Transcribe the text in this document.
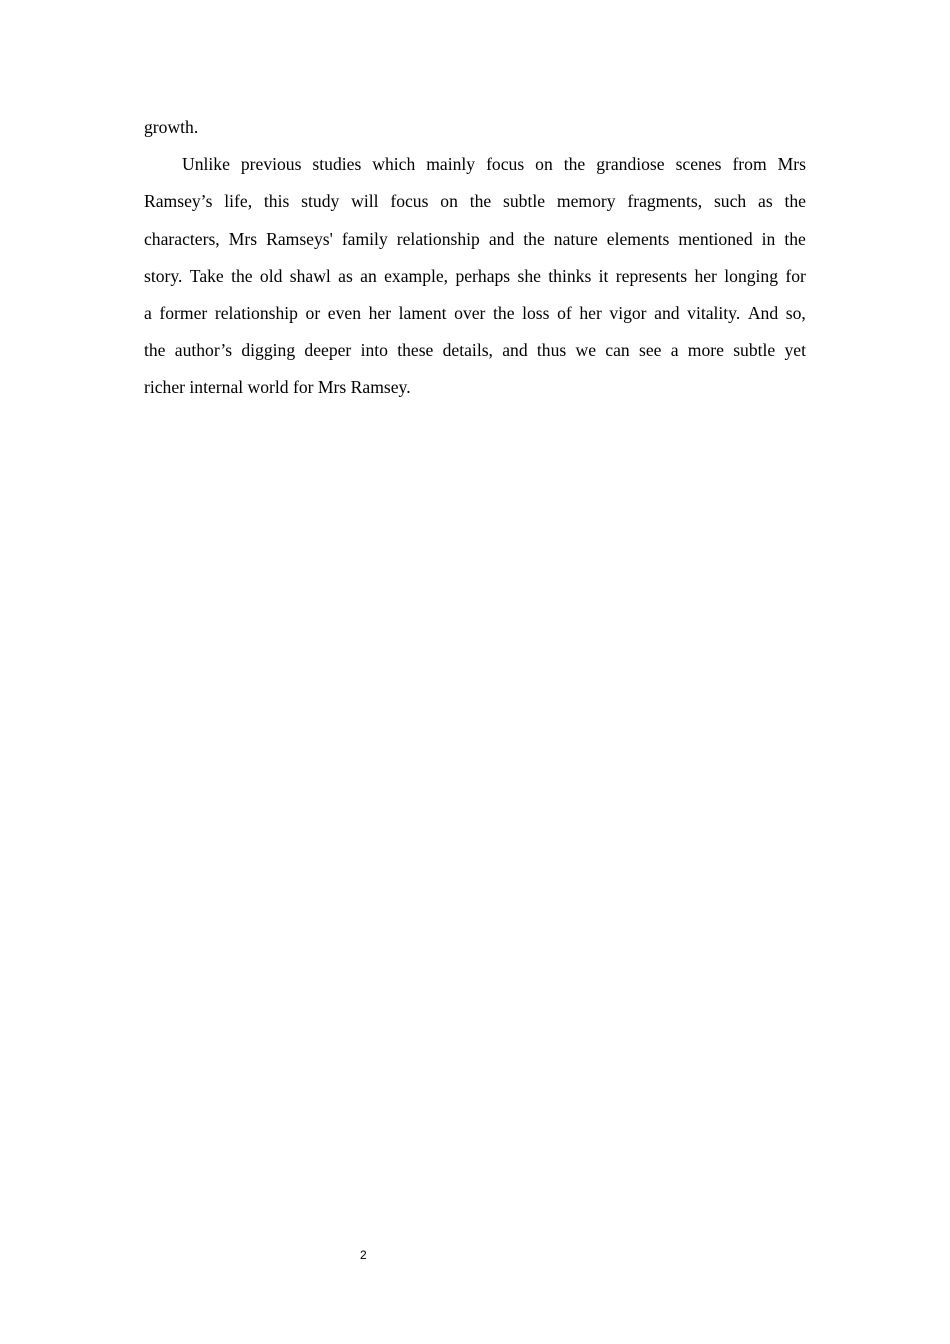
growth.
Unlike previous studies which mainly focus on the grandiose scenes from Mrs
Ramsey’s life, this study will focus on the subtle memory fragments, such as the
characters, Mrs Ramseys' family relationship and the nature elements mentioned in the
story. Take the old shawl as an example, perhaps she thinks it represents her longing for
a former relationship or even her lament over the loss of her vigor and vitality. And so,
the author’s digging deeper into these details, and thus we can see a more subtle yet
richer internal world for Mrs Ramsey.
2
